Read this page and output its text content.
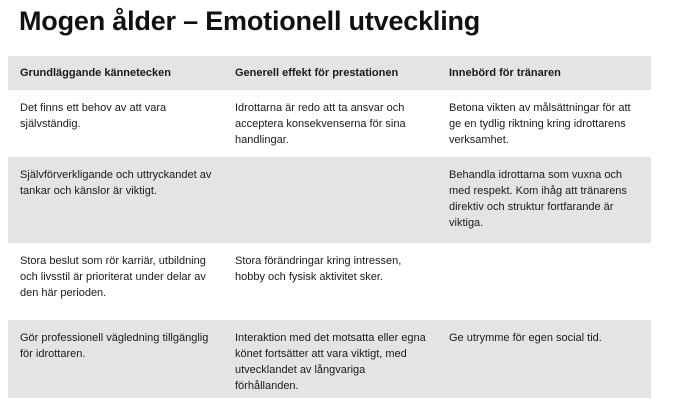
Mogen ålder – Emotionell utveckling
Grundläggande kännetecken	Generell effekt för prestationen	Innebörd för tränaren
Det finns ett behov av att vara självständig.
Idrottarna är redo att ta ansvar och acceptera konsekvenserna för sina handlingar.
Betona vikten av målsättningar för att ge en tydlig riktning kring idrottarens verksamhet.
Självförverkligande och uttryckandet av tankar och känslor är viktigt.
Behandla idrottarna som vuxna och med respekt. Kom ihåg att tränarens direktiv och struktur fortfarande är viktiga.
Stora beslut som rör karriär, utbildning och livsstil är prioriterat under delar av den här perioden.
Stora förändringar kring intressen, hobby och fysisk aktivitet sker.
Gör professionell vägledning tillgänglig för idrottaren.
Interaktion med det motsatta eller egna könet fortsätter att vara viktigt, med utvecklandet av långvariga förhållanden.
Ge utrymme för egen social tid.
